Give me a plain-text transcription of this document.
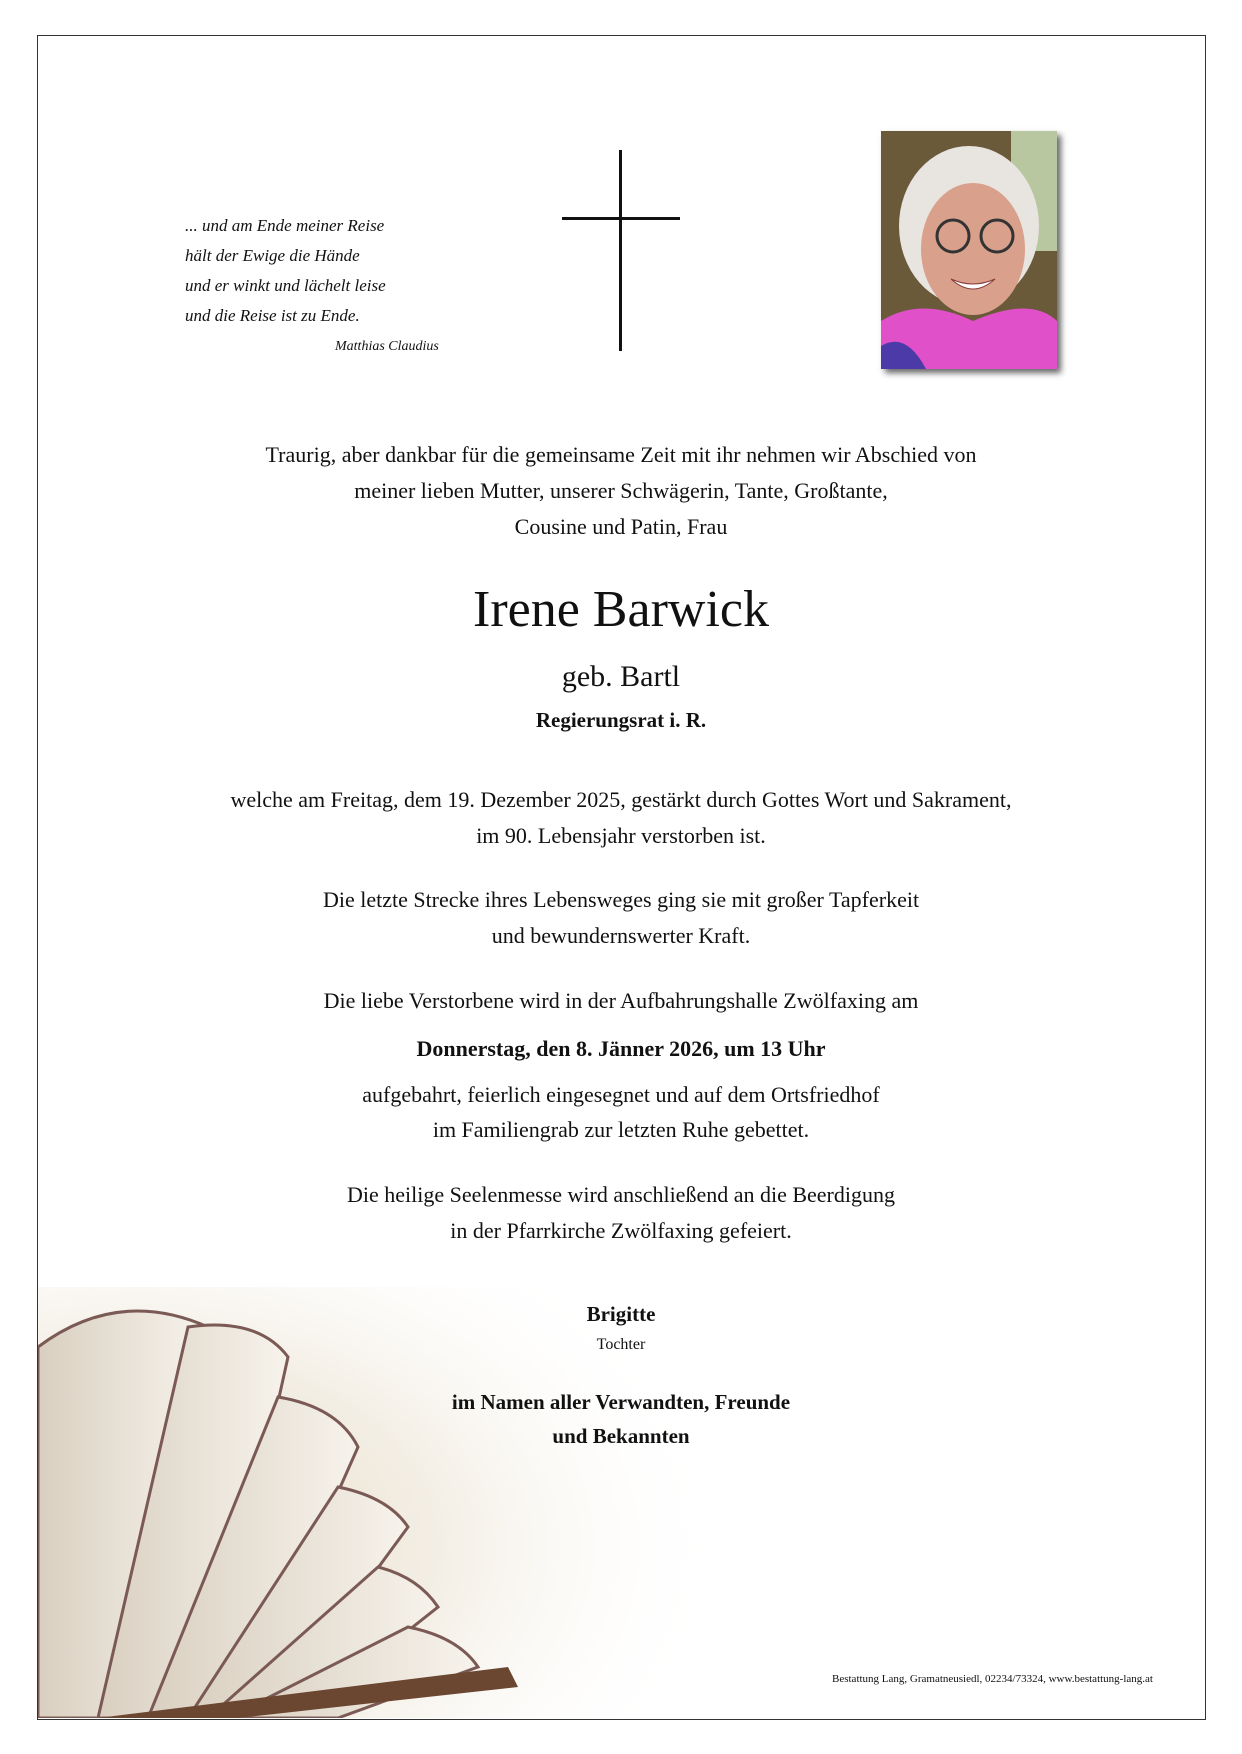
... und am Ende meiner Reise
hält der Ewige die Hände
und er winkt und lächelt leise
und die Reise ist zu Ende.
Matthias Claudius
Traurig, aber dankbar für die gemeinsame Zeit mit ihr nehmen wir Abschied von
meiner lieben Mutter, unserer Schwägerin, Tante, Großtante,
Cousine und Patin, Frau
Irene Barwick
geb. Bartl
Regierungsrat i. R.
welche am Freitag, dem 19. Dezember 2025, gestärkt durch Gottes Wort und Sakrament,
im 90. Lebensjahr verstorben ist.
Die letzte Strecke ihres Lebensweges ging sie mit großer Tapferkeit
und bewundernswerter Kraft.
Die liebe Verstorbene wird in der Aufbahrungshalle Zwölfaxing am
Donnerstag, den 8. Jänner 2026, um 13 Uhr
aufgebahrt, feierlich eingesegnet und auf dem Ortsfriedhof
im Familiengrab zur letzten Ruhe gebettet.
Die heilige Seelenmesse wird anschließend an die Beerdigung
in der Pfarrkirche Zwölfaxing gefeiert.
Brigitte
Tochter
im Namen aller Verwandten, Freunde
und Bekannten
Bestattung Lang, Gramatneusiedl, 02234/73324, www.bestattung-lang.at
